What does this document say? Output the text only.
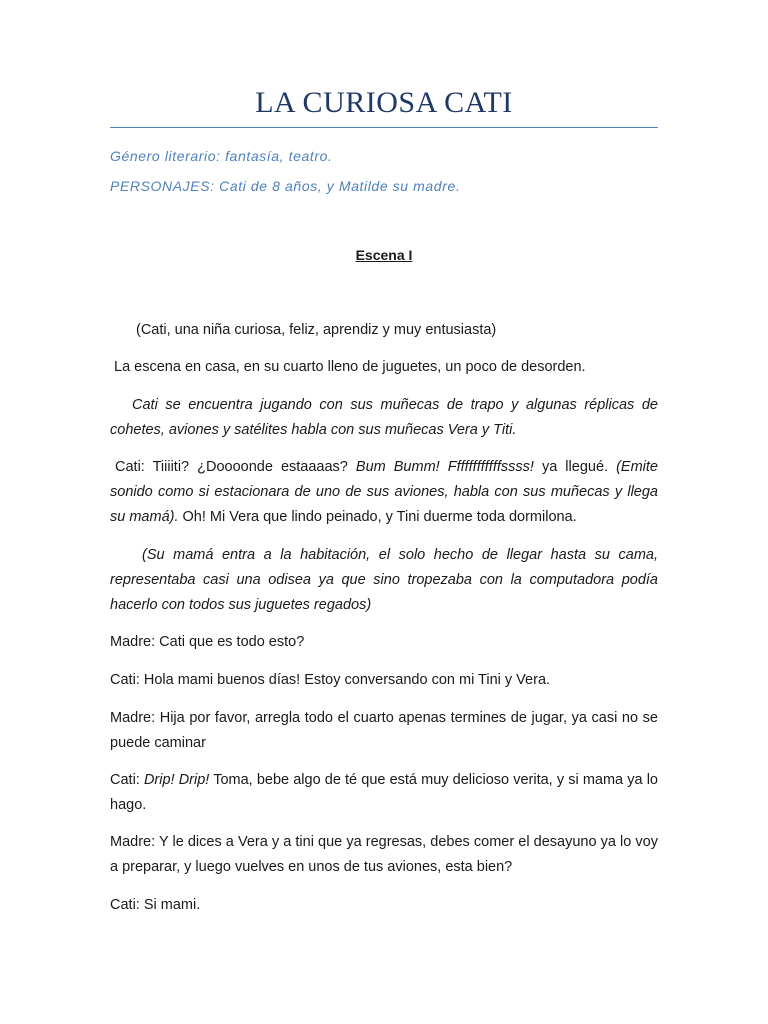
LA CURIOSA CATI
Género literario: fantasía, teatro.
PERSONAJES: Cati de 8 años, y Matilde su madre.
Escena I
(Cati, una niña curiosa, feliz, aprendiz y muy entusiasta)
La escena en casa, en su cuarto lleno de juguetes, un poco de desorden.
Cati se encuentra jugando con sus muñecas de trapo y algunas réplicas de cohetes, aviones y satélites habla con sus muñecas Vera y Titi.
Cati: Tiiiiti? ¿Doooonde estaaaas? Bum Bumm! Ffffffffffffssss! ya llegué. (Emite sonido como si estacionara de uno de sus aviones, habla con sus muñecas y llega su mamá). Oh! Mi Vera que lindo peinado, y Tini duerme toda dormilona.
(Su mamá entra a la habitación, el solo hecho de llegar hasta su cama, representaba casi una odisea ya que sino tropezaba con la computadora podía hacerlo con todos sus juguetes regados)
Madre: Cati que es todo esto?
Cati: Hola mami buenos días! Estoy conversando con mi Tini y Vera.
Madre: Hija por favor, arregla todo el cuarto apenas termines de jugar, ya casi no se puede caminar
Cati: Drip! Drip! Toma, bebe algo de té que está muy delicioso verita, y si mama ya lo hago.
Madre: Y le dices a Vera y a tini que ya regresas, debes comer el desayuno ya lo voy a preparar, y luego vuelves en unos de tus aviones, esta bien?
Cati: Si mami.
